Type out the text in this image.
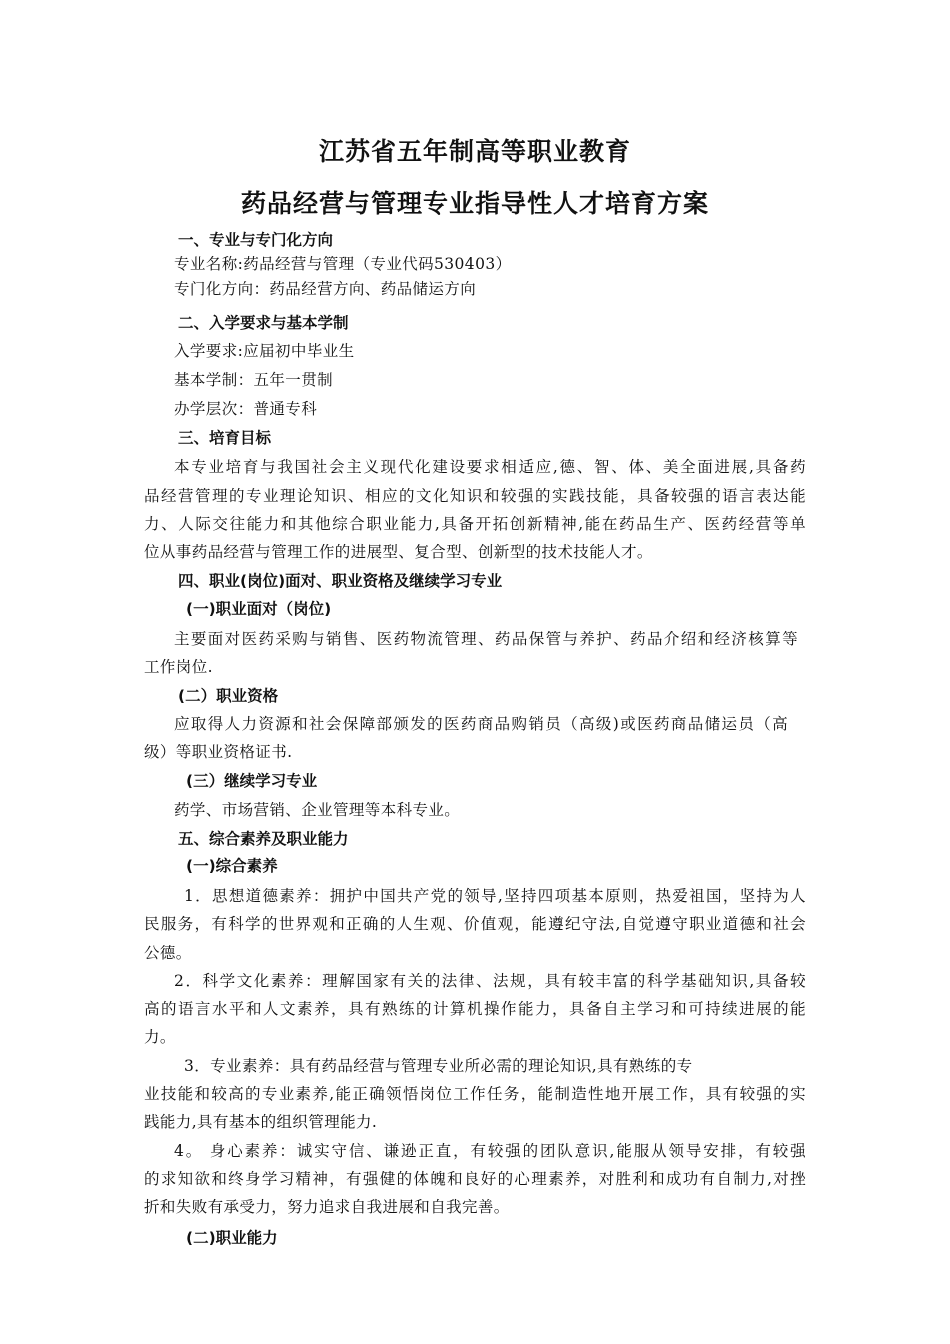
江苏省五年制高等职业教育
药品经营与管理专业指导性人才培育方案
一、专业与专门化方向
专业名称:药品经营与管理（专业代码530403）
专门化方向：药品经营方向、药品储运方向
二、入学要求与基本学制
入学要求:应届初中毕业生
基本学制：五年一贯制
办学层次：普通专科
三、培育目标
本专业培育与我国社会主义现代化建设要求相适应,德、智、体、美全面进展,具备药
品经营管理的专业理论知识、相应的文化知识和较强的实践技能，具备较强的语言表达能
力、人际交往能力和其他综合职业能力,具备开拓创新精神,能在药品生产、医药经营等单
位从事药品经营与管理工作的进展型、复合型、创新型的技术技能人才。
四、职业(岗位)面对、职业资格及继续学习专业
(一)职业面对（岗位)
主要面对医药采购与销售、医药物流管理、药品保管与养护、药品介绍和经济核算等
工作岗位.
(二）职业资格
应取得人力资源和社会保障部颁发的医药商品购销员（高级)或医药商品储运员（高
级）等职业资格证书.
(三）继续学习专业
药学、市场营销、企业管理等本科专业。
五、综合素养及职业能力
(一)综合素养
1．思想道德素养：拥护中国共产党的领导,坚持四项基本原则，热爱祖国，坚持为人
民服务，有科学的世界观和正确的人生观、价值观，能遵纪守法,自觉遵守职业道德和社会
公德。
2．科学文化素养：理解国家有关的法律、法规，具有较丰富的科学基础知识,具备较
高的语言水平和人文素养，具有熟练的计算机操作能力，具备自主学习和可持续进展的能
力。
3．专业素养：具有药品经营与管理专业所必需的理论知识,具有熟练的专
业技能和较高的专业素养,能正确领悟岗位工作任务，能制造性地开展工作，具有较强的实
践能力,具有基本的组织管理能力.
4。 身心素养：诚实守信、谦逊正直，有较强的团队意识,能服从领导安排，有较强
的求知欲和终身学习精神，有强健的体魄和良好的心理素养，对胜利和成功有自制力,对挫
折和失败有承受力，努力追求自我进展和自我完善。
(二)职业能力
